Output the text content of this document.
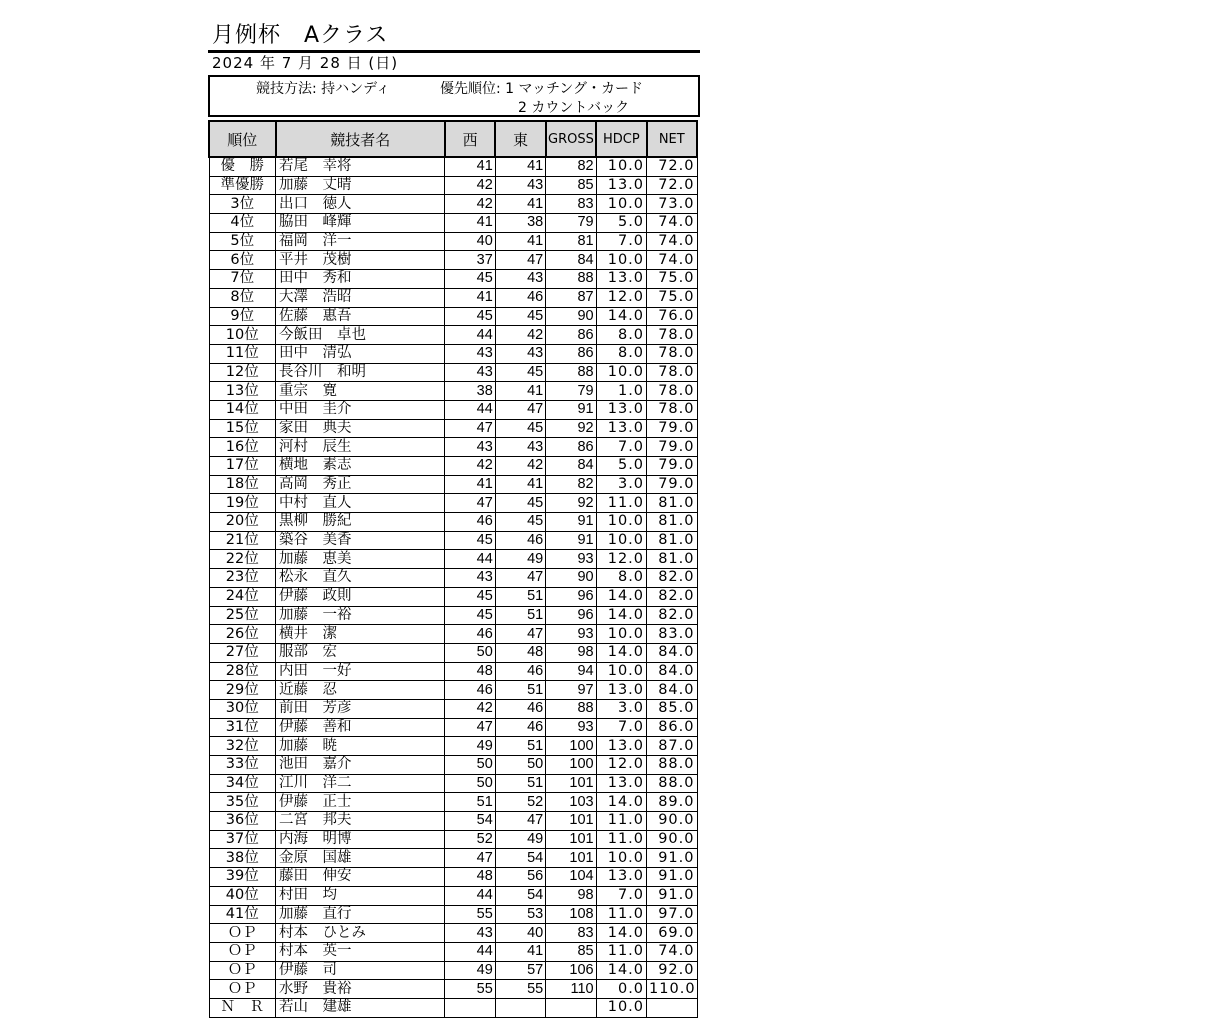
月例杯　Aクラス
2024 年 7 月 28 日 (日)
競技方法: 持ハンディ	優先順位: 1 マッチング・カード
2 カウントバック
順位	競技者名	西	東	GROSS	HDCP	NET
優　勝	若尾　幸将	41	41	82	10.0	72.0
準優勝	加藤　丈晴	42	43	85	13.0	72.0
3位	出口　徳人	42	41	83	10.0	73.0
4位	脇田　峰輝	41	38	79	5.0	74.0
5位	福岡　洋一	40	41	81	7.0	74.0
6位	平井　茂樹	37	47	84	10.0	74.0
7位	田中　秀和	45	43	88	13.0	75.0
8位	大澤　浩昭	41	46	87	12.0	75.0
9位	佐藤　惠吾	45	45	90	14.0	76.0
10位	今飯田　卓也	44	42	86	8.0	78.0
11位	田中　清弘	43	43	86	8.0	78.0
12位	長谷川　和明	43	45	88	10.0	78.0
13位	重宗　寛	38	41	79	1.0	78.0
14位	中田　圭介	44	47	91	13.0	78.0
15位	家田　典夫	47	45	92	13.0	79.0
16位	河村　辰生	43	43	86	7.0	79.0
17位	横地　素志	42	42	84	5.0	79.0
18位	高岡　秀正	41	41	82	3.0	79.0
19位	中村　直人	47	45	92	11.0	81.0
20位	黒柳　勝紀	46	45	91	10.0	81.0
21位	築谷　美香	45	46	91	10.0	81.0
22位	加藤　恵美	44	49	93	12.0	81.0
23位	松永　直久	43	47	90	8.0	82.0
24位	伊藤　政則	45	51	96	14.0	82.0
25位	加藤　一裕	45	51	96	14.0	82.0
26位	横井　潔	46	47	93	10.0	83.0
27位	服部　宏	50	48	98	14.0	84.0
28位	内田　一好	48	46	94	10.0	84.0
29位	近藤　忍	46	51	97	13.0	84.0
30位	前田　芳彦	42	46	88	3.0	85.0
31位	伊藤　善和	47	46	93	7.0	86.0
32位	加藤　暁	49	51	100	13.0	87.0
33位	池田　嘉介	50	50	100	12.0	88.0
34位	江川　洋二	50	51	101	13.0	88.0
35位	伊藤　正士	51	52	103	14.0	89.0
36位	二宮　邦夫	54	47	101	11.0	90.0
37位	内海　明博	52	49	101	11.0	90.0
38位	金原　国雄	47	54	101	10.0	91.0
39位	藤田　伸安	48	56	104	13.0	91.0
40位	村田　均	44	54	98	7.0	91.0
41位	加藤　直行	55	53	108	11.0	97.0
ＯＰ	村本　ひとみ	43	40	83	14.0	69.0
ＯＰ	村本　英一	44	41	85	11.0	74.0
ＯＰ	伊藤　司	49	57	106	14.0	92.0
ＯＰ	水野　貴裕	55	55	110	0.0	110.0
Ｎ　Ｒ	若山　建雄				10.0	
